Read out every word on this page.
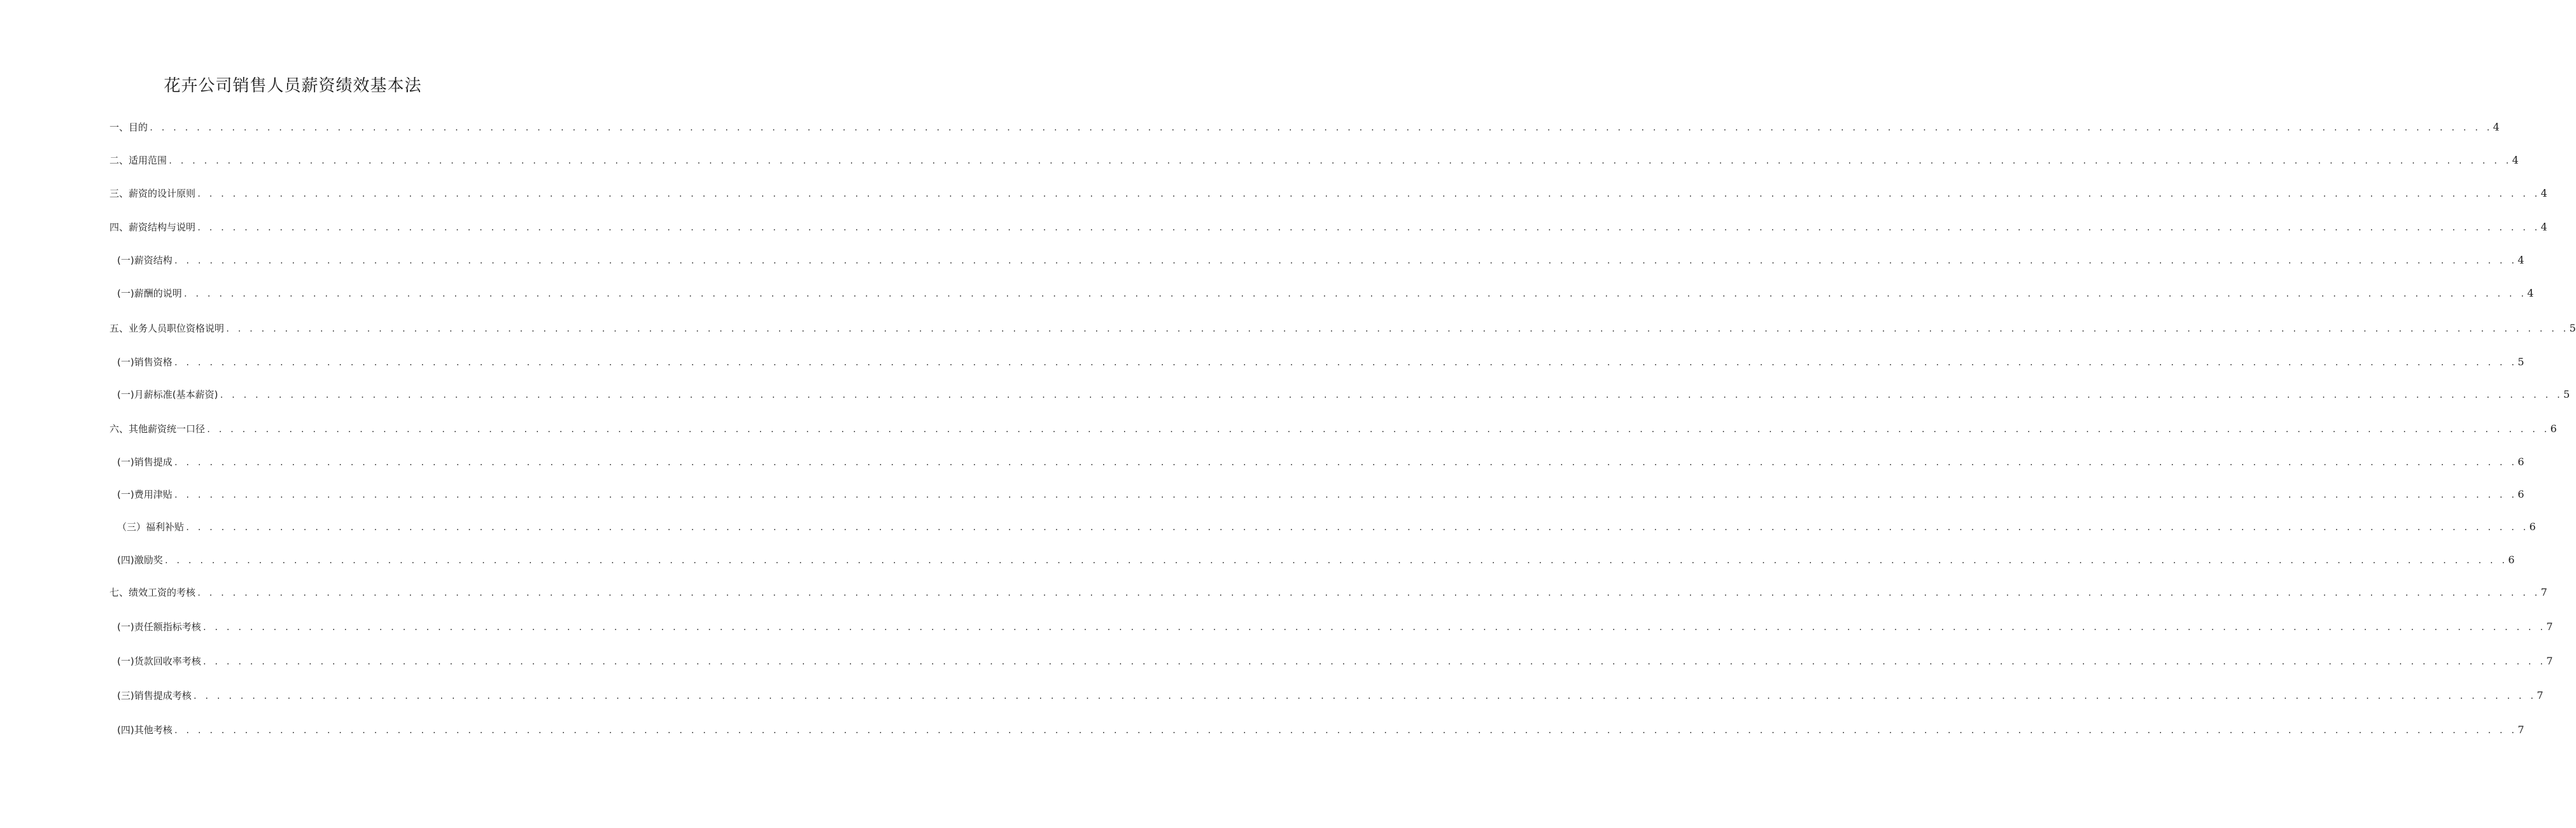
花卉公司销售人员薪资绩效基本法
一、 目的 . . . . . . . . . . . . . . . . . . . . . . . . . . . . . . . . . . . . . . . . . . . . . . . . . . . . . . . . . . . . . . . . . . . . . . . . . . . . . . . . . . . . . . . . . . . . . . . . . . . . . . . . . . . . . . . . . . . . . . . . . . . . . . . . . . . . . . . . . . . . . . . . . . . . . . . . . . . . . . . . . . . . . . . . . . . . . . . . . . . . . . . . . . . . . . . . . . . . . . . . 4
二、 适用范围 . . . . . . . . . . . . . . . . . . . . . . . . . . . . . . . . . . . . . . . . . . . . . . . . . . . . . . . . . . . . . . . . . . . . . . . . . . . . . . . . . . . . . . . . . . . . . . . . . . . . . . . . . . . . . . . . . . . . . . . . . . . . . . . . . . . . . . . . . . . . . . . . . . . . . . . . . . . . . . . . . . . . . . . . . . . . . . . . . . . . . . . . . . . . . . . . . . . . . . . . 4
三、 薪资的设计原则 . . . . . . . . . . . . . . . . . . . . . . . . . . . . . . . . . . . . . . . . . . . . . . . . . . . . . . . . . . . . . . . . . . . . . . . . . . . . . . . . . . . . . . . . . . . . . . . . . . . . . . . . . . . . . . . . . . . . . . . . . . . . . . . . . . . . . . . . . . . . . . . . . . . . . . . . . . . . . . . . . . . . . . . . . . . . . . . . . . . . . . . . . . . . . . . . . . . . . . . . 4
四、 薪资结构与说明 . . . . . . . . . . . . . . . . . . . . . . . . . . . . . . . . . . . . . . . . . . . . . . . . . . . . . . . . . . . . . . . . . . . . . . . . . . . . . . . . . . . . . . . . . . . . . . . . . . . . . . . . . . . . . . . . . . . . . . . . . . . . . . . . . . . . . . . . . . . . . . . . . . . . . . . . . . . . . . . . . . . . . . . . . . . . . . . . . . . . . . . . . . . . . . . . . . . . . . . . 4
(一) 薪资结构 . . . . . . . . . . . . . . . . . . . . . . . . . . . . . . . . . . . . . . . . . . . . . . . . . . . . . . . . . . . . . . . . . . . . . . . . . . . . . . . . . . . . . . . . . . . . . . . . . . . . . . . . . . . . . . . . . . . . . . . . . . . . . . . . . . . . . . . . . . . . . . . . . . . . . . . . . . . . . . . . . . . . . . . . . . . . . . . . . . . . . . . . . . . . . . . . . . . . . . . . 4
(一) 薪酬的说明 . . . . . . . . . . . . . . . . . . . . . . . . . . . . . . . . . . . . . . . . . . . . . . . . . . . . . . . . . . . . . . . . . . . . . . . . . . . . . . . . . . . . . . . . . . . . . . . . . . . . . . . . . . . . . . . . . . . . . . . . . . . . . . . . . . . . . . . . . . . . . . . . . . . . . . . . . . . . . . . . . . . . . . . . . . . . . . . . . . . . . . . . . . . . . . . . . . . . . . . . 4
五、 业务人员职位资格说明 . . . . . . . . . . . . . . . . . . . . . . . . . . . . . . . . . . . . . . . . . . . . . . . . . . . . . . . . . . . . . . . . . . . . . . . . . . . . . . . . . . . . . . . . . . . . . . . . . . . . . . . . . . . . . . . . . . . . . . . . . . . . . . . . . . . . . . . . . . . . . . . . . . . . . . . . . . . . . . . . . . . . . . . . . . . . . . . . . . . . . . . . . . . . . . . . . . . . . . . . 5
(一) 销售资格 . . . . . . . . . . . . . . . . . . . . . . . . . . . . . . . . . . . . . . . . . . . . . . . . . . . . . . . . . . . . . . . . . . . . . . . . . . . . . . . . . . . . . . . . . . . . . . . . . . . . . . . . . . . . . . . . . . . . . . . . . . . . . . . . . . . . . . . . . . . . . . . . . . . . . . . . . . . . . . . . . . . . . . . . . . . . . . . . . . . . . . . . . . . . . . . . . . . . . . . . 5
(一) 月薪标准(基本薪资) . . . . . . . . . . . . . . . . . . . . . . . . . . . . . . . . . . . . . . . . . . . . . . . . . . . . . . . . . . . . . . . . . . . . . . . . . . . . . . . . . . . . . . . . . . . . . . . . . . . . . . . . . . . . . . . . . . . . . . . . . . . . . . . . . . . . . . . . . . . . . . . . . . . . . . . . . . . . . . . . . . . . . . . . . . . . . . . . . . . . . . . . . . . . . . . . . . . . . . . . 5
六、 其他薪资统一口径 . . . . . . . . . . . . . . . . . . . . . . . . . . . . . . . . . . . . . . . . . . . . . . . . . . . . . . . . . . . . . . . . . . . . . . . . . . . . . . . . . . . . . . . . . . . . . . . . . . . . . . . . . . . . . . . . . . . . . . . . . . . . . . . . . . . . . . . . . . . . . . . . . . . . . . . . . . . . . . . . . . . . . . . . . . . . . . . . . . . . . . . . . . . . . . . . . . . . . . . . 6
(一) 销售提成 . . . . . . . . . . . . . . . . . . . . . . . . . . . . . . . . . . . . . . . . . . . . . . . . . . . . . . . . . . . . . . . . . . . . . . . . . . . . . . . . . . . . . . . . . . . . . . . . . . . . . . . . . . . . . . . . . . . . . . . . . . . . . . . . . . . . . . . . . . . . . . . . . . . . . . . . . . . . . . . . . . . . . . . . . . . . . . . . . . . . . . . . . . . . . . . . . . . . . . . . 6
(一) 费用津贴 . . . . . . . . . . . . . . . . . . . . . . . . . . . . . . . . . . . . . . . . . . . . . . . . . . . . . . . . . . . . . . . . . . . . . . . . . . . . . . . . . . . . . . . . . . . . . . . . . . . . . . . . . . . . . . . . . . . . . . . . . . . . . . . . . . . . . . . . . . . . . . . . . . . . . . . . . . . . . . . . . . . . . . . . . . . . . . . . . . . . . . . . . . . . . . . . . . . . . . . . 6
（三） 福利补贴 . . . . . . . . . . . . . . . . . . . . . . . . . . . . . . . . . . . . . . . . . . . . . . . . . . . . . . . . . . . . . . . . . . . . . . . . . . . . . . . . . . . . . . . . . . . . . . . . . . . . . . . . . . . . . . . . . . . . . . . . . . . . . . . . . . . . . . . . . . . . . . . . . . . . . . . . . . . . . . . . . . . . . . . . . . . . . . . . . . . . . . . . . . . . . . . . . . . . . . . . 6
(四) 激励奖 . . . . . . . . . . . . . . . . . . . . . . . . . . . . . . . . . . . . . . . . . . . . . . . . . . . . . . . . . . . . . . . . . . . . . . . . . . . . . . . . . . . . . . . . . . . . . . . . . . . . . . . . . . . . . . . . . . . . . . . . . . . . . . . . . . . . . . . . . . . . . . . . . . . . . . . . . . . . . . . . . . . . . . . . . . . . . . . . . . . . . . . . . . . . . . . . . . . . . . . . 6
七、 绩效工资的考核 . . . . . . . . . . . . . . . . . . . . . . . . . . . . . . . . . . . . . . . . . . . . . . . . . . . . . . . . . . . . . . . . . . . . . . . . . . . . . . . . . . . . . . . . . . . . . . . . . . . . . . . . . . . . . . . . . . . . . . . . . . . . . . . . . . . . . . . . . . . . . . . . . . . . . . . . . . . . . . . . . . . . . . . . . . . . . . . . . . . . . . . . . . . . . . . . . . . . . . . . 7
(一) 责任额指标考核 . . . . . . . . . . . . . . . . . . . . . . . . . . . . . . . . . . . . . . . . . . . . . . . . . . . . . . . . . . . . . . . . . . . . . . . . . . . . . . . . . . . . . . . . . . . . . . . . . . . . . . . . . . . . . . . . . . . . . . . . . . . . . . . . . . . . . . . . . . . . . . . . . . . . . . . . . . . . . . . . . . . . . . . . . . . . . . . . . . . . . . . . . . . . . . . . . . . . . . . . 7
(一) 货款回收率考核 . . . . . . . . . . . . . . . . . . . . . . . . . . . . . . . . . . . . . . . . . . . . . . . . . . . . . . . . . . . . . . . . . . . . . . . . . . . . . . . . . . . . . . . . . . . . . . . . . . . . . . . . . . . . . . . . . . . . . . . . . . . . . . . . . . . . . . . . . . . . . . . . . . . . . . . . . . . . . . . . . . . . . . . . . . . . . . . . . . . . . . . . . . . . . . . . . . . . . . . . 7
(三) 销售提成考核 . . . . . . . . . . . . . . . . . . . . . . . . . . . . . . . . . . . . . . . . . . . . . . . . . . . . . . . . . . . . . . . . . . . . . . . . . . . . . . . . . . . . . . . . . . . . . . . . . . . . . . . . . . . . . . . . . . . . . . . . . . . . . . . . . . . . . . . . . . . . . . . . . . . . . . . . . . . . . . . . . . . . . . . . . . . . . . . . . . . . . . . . . . . . . . . . . . . . . . . . 7
(四) 其他考核 . . . . . . . . . . . . . . . . . . . . . . . . . . . . . . . . . . . . . . . . . . . . . . . . . . . . . . . . . . . . . . . . . . . . . . . . . . . . . . . . . . . . . . . . . . . . . . . . . . . . . . . . . . . . . . . . . . . . . . . . . . . . . . . . . . . . . . . . . . . . . . . . . . . . . . . . . . . . . . . . . . . . . . . . . . . . . . . . . . . . . . . . . . . . . . . . . . . . . . . . 7
